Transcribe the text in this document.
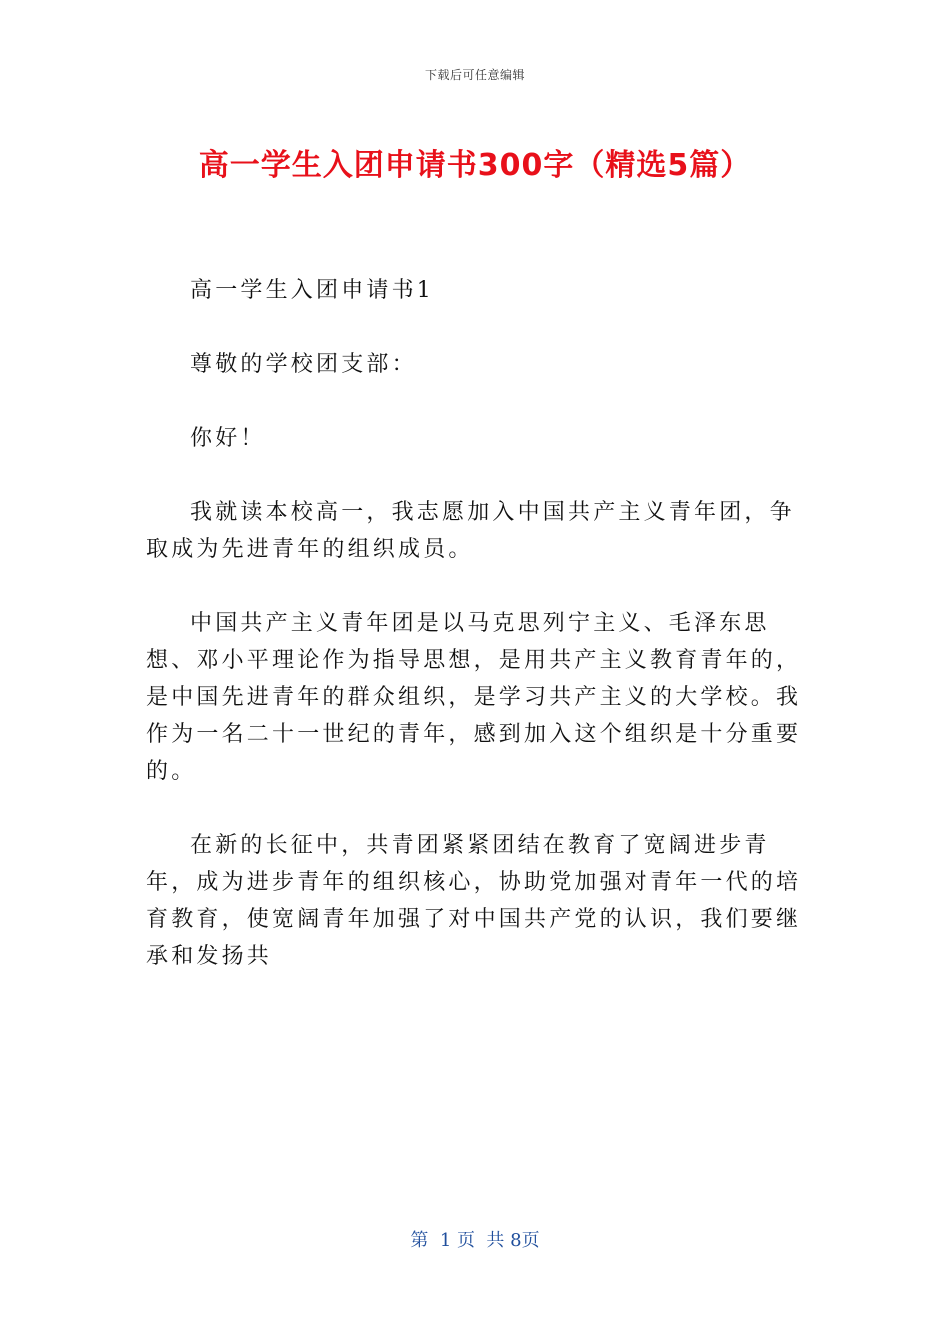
下载后可任意编辑
高一学生入团申请书300字（精选5篇）

高一学生入团申请书1

尊敬的学校团支部：

你好！

我就读本校高一，我志愿加入中国共产主义青年团，争取成为先进青年的组织成员。

中国共产主义青年团是以马克思列宁主义、毛泽东思想、邓小平理论作为指导思想，是用共产主义教育青年的，是中国先进青年的群众组织，是学习共产主义的大学校。我作为一名二十一世纪的青年，感到加入这个组织是十分重要的。

在新的长征中，共青团紧紧团结在教育了宽阔进步青年，成为进步青年的组织核心，协助党加强对青年一代的培育教育，使宽阔青年加强了对中国共产党的认识，我们要继承和发扬共

第  1 页  共 8页
